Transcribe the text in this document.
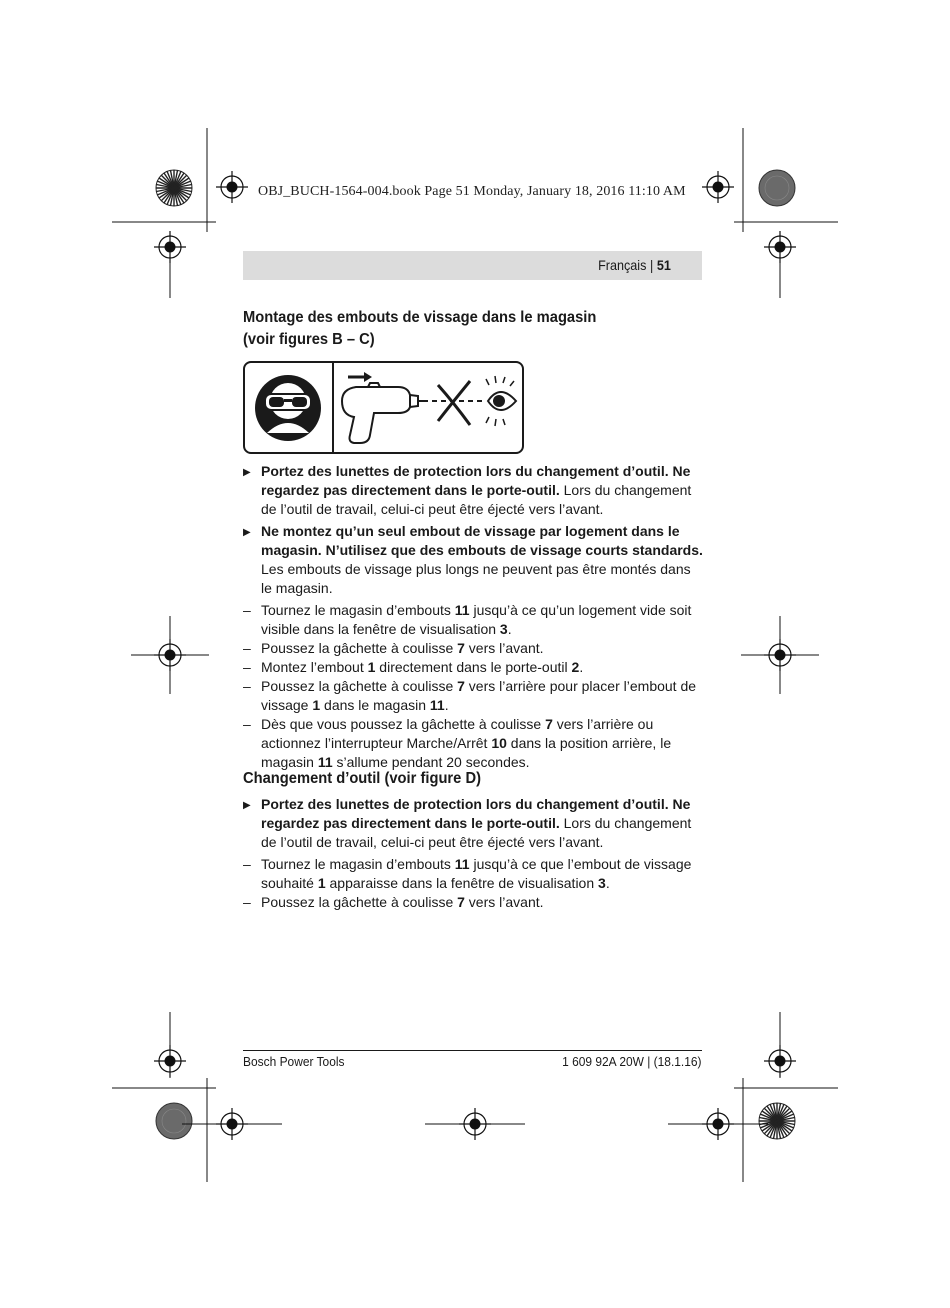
OBJ_BUCH-1564-004.book Page 51 Monday, January 18, 2016 11:10 AM
Français | 51
Montage des embouts de vissage dans le magasin
(voir figures B – C)
▶ Portez des lunettes de protection lors du changement d’outil. Ne regardez pas directement dans le porte-outil. Lors du changement de l’outil de travail, celui-ci peut être éjecté vers l’avant.
▶ Ne montez qu’un seul embout de vissage par logement dans le magasin. N’utilisez que des embouts de vissage courts standards. Les embouts de vissage plus longs ne peuvent pas être montés dans le magasin.
– Tournez le magasin d’embouts 11 jusqu’à ce qu’un logement vide soit visible dans la fenêtre de visualisation 3.
– Poussez la gâchette à coulisse 7 vers l’avant.
– Montez l’embout 1 directement dans le porte-outil 2.
– Poussez la gâchette à coulisse 7 vers l’arrière pour placer l’embout de vissage 1 dans le magasin 11.
– Dès que vous poussez la gâchette à coulisse 7 vers l’arrière ou actionnez l’interrupteur Marche/Arrêt 10 dans la position arrière, le magasin 11 s’allume pendant 20 secondes.
Changement d’outil (voir figure D)
▶ Portez des lunettes de protection lors du changement d’outil. Ne regardez pas directement dans le porte-outil. Lors du changement de l’outil de travail, celui-ci peut être éjecté vers l’avant.
– Tournez le magasin d’embouts 11 jusqu’à ce que l’embout de vissage souhaité 1 apparaisse dans la fenêtre de visualisation 3.
– Poussez la gâchette à coulisse 7 vers l’avant.
Bosch Power Tools	1 609 92A 20W | (18.1.16)
